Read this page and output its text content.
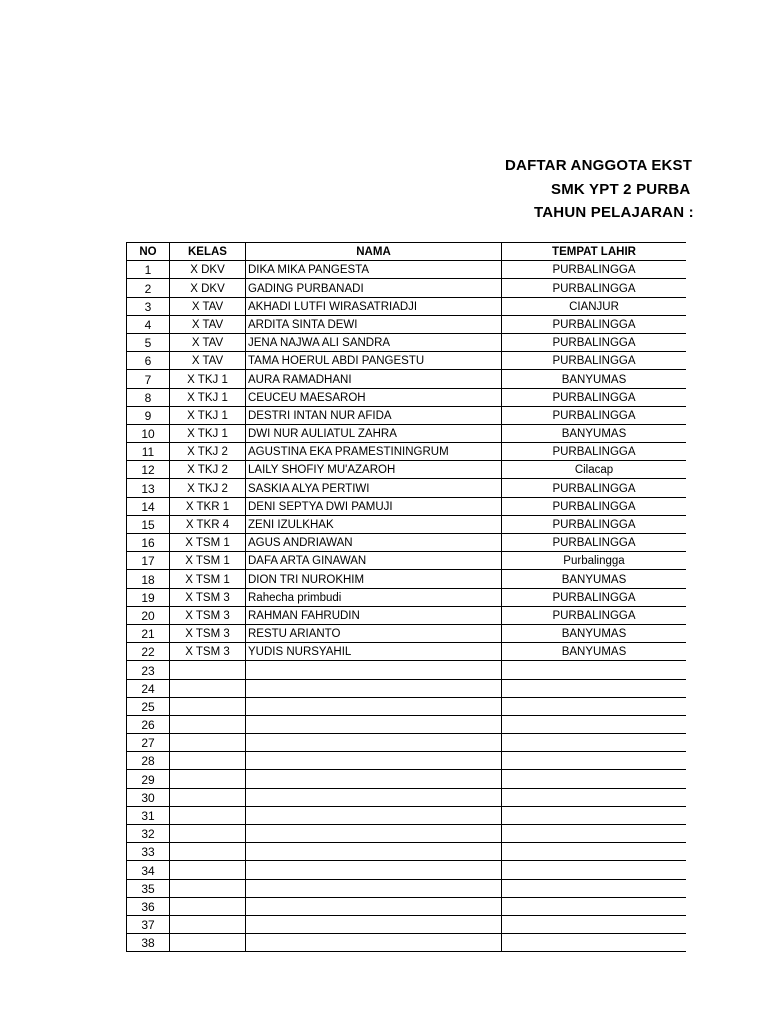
DAFTAR ANGGOTA EKST
SMK YPT 2 PURBA
TAHUN PELAJARAN :
NO	KELAS	NAMA	TEMPAT LAHIR
1	X DKV	DIKA MIKA PANGESTA	PURBALINGGA
2	X DKV	GADING PURBANADI	PURBALINGGA
3	X TAV	AKHADI LUTFI WIRASATRIADJI	CIANJUR
4	X TAV	ARDITA SINTA DEWI	PURBALINGGA
5	X TAV	JENA NAJWA ALI SANDRA	PURBALINGGA
6	X TAV	TAMA HOERUL ABDI PANGESTU	PURBALINGGA
7	X TKJ 1	AURA RAMADHANI	BANYUMAS
8	X TKJ 1	CEUCEU MAESAROH	PURBALINGGA
9	X TKJ 1	DESTRI INTAN NUR AFIDA	PURBALINGGA
10	X TKJ 1	DWI NUR AULIATUL ZAHRA	BANYUMAS
11	X TKJ 2	AGUSTINA EKA PRAMESTININGRUM	PURBALINGGA
12	X TKJ 2	LAILY SHOFIY MU'AZAROH	Cilacap
13	X TKJ 2	SASKIA ALYA PERTIWI	PURBALINGGA
14	X TKR 1	DENI SEPTYA DWI PAMUJI	PURBALINGGA
15	X TKR 4	ZENI IZULKHAK	PURBALINGGA
16	X TSM 1	AGUS ANDRIAWAN	PURBALINGGA
17	X TSM 1	DAFA ARTA GINAWAN	Purbalingga
18	X TSM 1	DION TRI NUROKHIM	BANYUMAS
19	X TSM 3	Rahecha primbudi	PURBALINGGA
20	X TSM 3	RAHMAN FAHRUDIN	PURBALINGGA
21	X TSM 3	RESTU ARIANTO	BANYUMAS
22	X TSM 3	YUDIS NURSYAHIL	BANYUMAS
23			
24			
25			
26			
27			
28			
29			
30			
31			
32			
33			
34			
35			
36			
37			
38			
